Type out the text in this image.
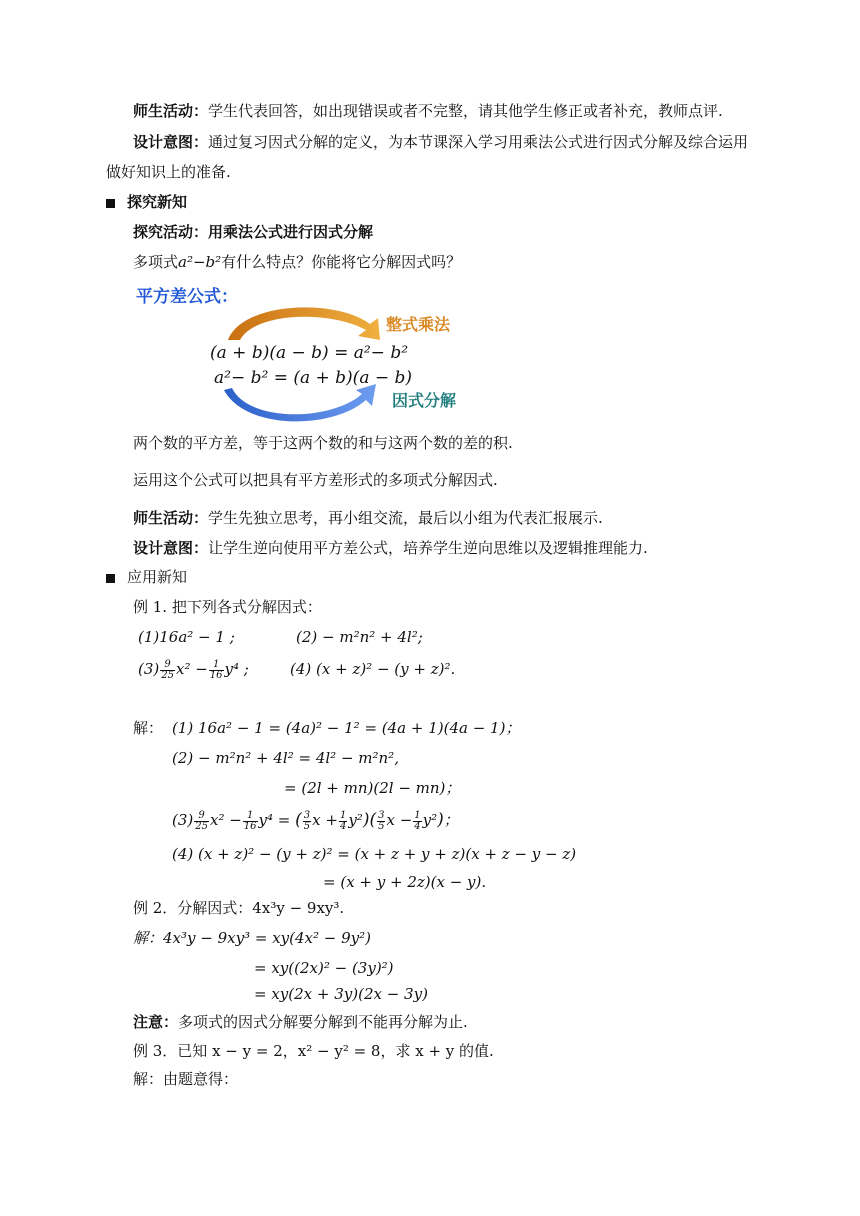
师生活动：学生代表回答，如出现错误或者不完整，请其他学生修正或者补充，教师点评.
设计意图：通过复习因式分解的定义，为本节课深入学习用乘法公式进行因式分解及综合运用
做好知识上的准备.
探究新知
探究活动：用乘法公式进行因式分解
多项式a²−b²有什么特点？你能将它分解因式吗？
平方差公式：
整式乘法
(a + b)(a − b) = a²− b²
a²− b² = (a + b)(a − b)
因式分解
两个数的平方差，等于这两个数的和与这两个数的差的积.
运用这个公式可以把具有平方差形式的多项式分解因式.
师生活动：学生先独立思考，再小组交流，最后以小组为代表汇报展示.
设计意图：让学生逆向使用平方差公式，培养学生逆向思维以及逻辑推理能力.
应用新知
例 1. 把下列各式分解因式：
(1)16a² − 1 ;	(2) − m²n² + 4l²;
$(3) \frac{9}{25} x^2 - \frac{1}{16} y^4$ ;	(4) (x + z)² − (y + z)².
解： (1) 16a² − 1 = (4a)² − 1² = (4a + 1)(4a − 1)；
(2) − m²n² + 4l² = 4l² − m²n²,
= (2l + mn)(2l − mn)；
$(3) \frac{9}{25} x^2 - \frac{1}{16} y^4$ = ( $\frac{3}{5}$ $x + \frac{1}{4} y^2)( \frac{3}{5}$ $x - \frac{1}{4} y^2$)；
(4) (x + z)² − (y + z)² = (x + z + y + z)(x + z − y − z)
= (x + y + 2z)(x − y).
例 2．分解因式：4x³y − 9xy³.
解：4x³y − 9xy³ = xy(4x² − 9y²)
= xy((2x)² − (3y)²)
= xy(2x + 3y)(2x − 3y)
注意：多项式的因式分解要分解到不能再分解为止.
例 3．已知 x − y = 2，x² − y² = 8，求 x + y 的值.
解：由题意得：
